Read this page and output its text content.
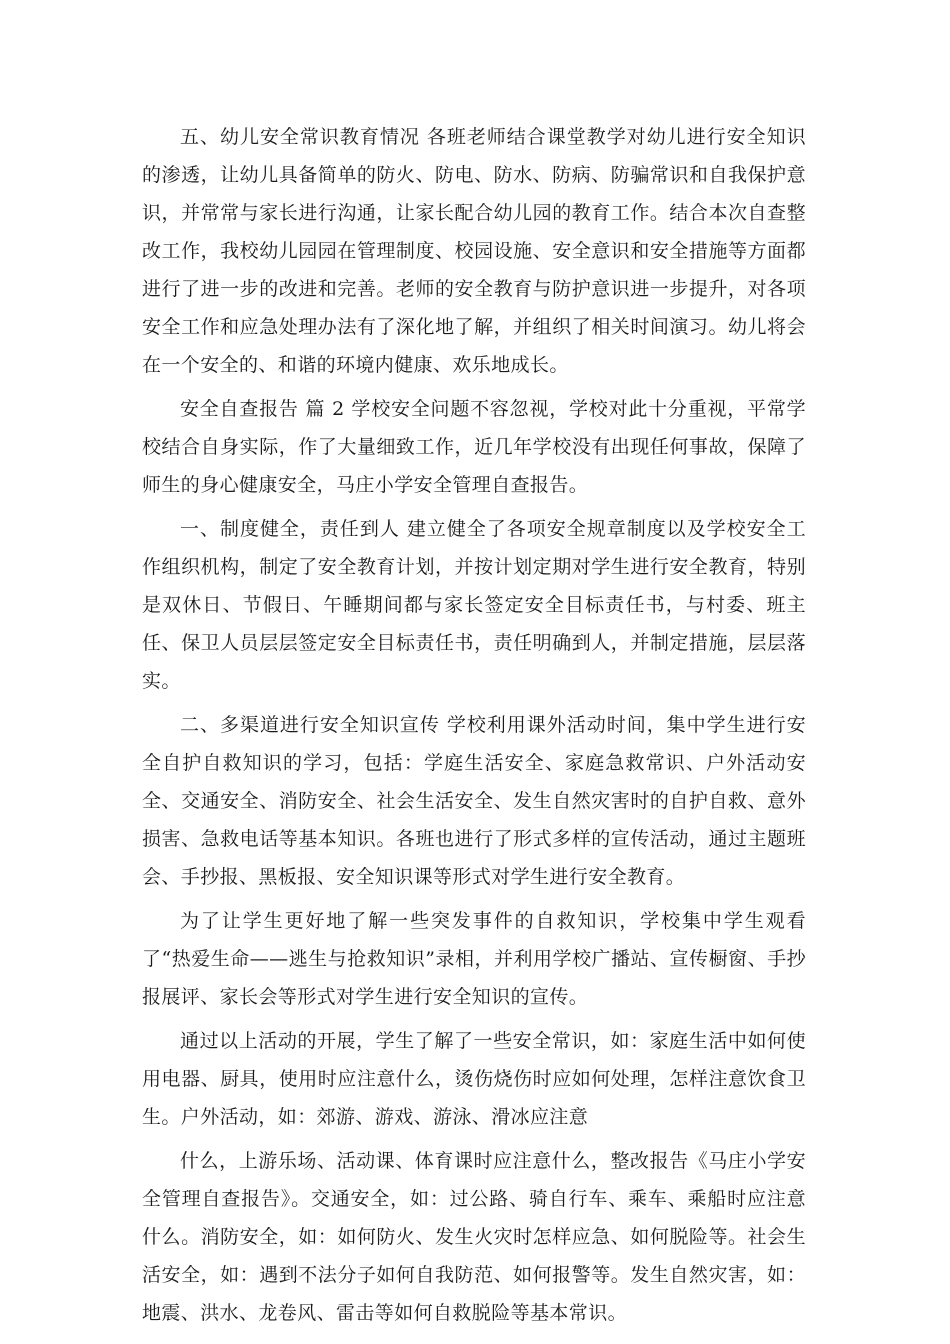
五、幼儿安全常识教育情况 各班老师结合课堂教学对幼儿进行安全知识的渗透，让幼儿具备简单的防火、防电、防水、防病、防骗常识和自我保护意识，并常常与家长进行沟通，让家长配合幼儿园的教育工作。结合本次自查整改工作，我校幼儿园园在管理制度、校园设施、安全意识和安全措施等方面都进行了进一步的改进和完善。老师的安全教育与防护意识进一步提升，对各项安全工作和应急处理办法有了深化地了解，并组织了相关时间演习。幼儿将会在一个安全的、和谐的环境内健康、欢乐地成长。

安全自查报告 篇 2 学校安全问题不容忽视，学校对此十分重视，平常学校结合自身实际，作了大量细致工作，近几年学校没有出现任何事故，保障了师生的身心健康安全，马庄小学安全管理自查报告。

一、制度健全，责任到人 建立健全了各项安全规章制度以及学校安全工作组织机构，制定了安全教育计划，并按计划定期对学生进行安全教育，特别是双休日、节假日、午睡期间都与家长签定安全目标责任书，与村委、班主任、保卫人员层层签定安全目标责任书，责任明确到人，并制定措施，层层落实。

二、多渠道进行安全知识宣传 学校利用课外活动时间，集中学生进行安全自护自救知识的学习，包括：学庭生活安全、家庭急救常识、户外活动安全、交通安全、消防安全、社会生活安全、发生自然灾害时的自护自救、意外损害、急救电话等基本知识。各班也进行了形式多样的宣传活动，通过主题班会、手抄报、黑板报、安全知识课等形式对学生进行安全教育。

为了让学生更好地了解一些突发事件的自救知识，学校集中学生观看了“热爱生命——逃生与抢救知识”录相，并利用学校广播站、宣传橱窗、手抄报展评、家长会等形式对学生进行安全知识的宣传。

通过以上活动的开展，学生了解了一些安全常识，如：家庭生活中如何使用电器、厨具，使用时应注意什么，烫伤烧伤时应如何处理，怎样注意饮食卫生。户外活动，如：郊游、游戏、游泳、滑冰应注意

什么，上游乐场、活动课、体育课时应注意什么，整改报告《马庄小学安全管理自查报告》。交通安全，如：过公路、骑自行车、乘车、乘船时应注意什么。消防安全，如：如何防火、发生火灾时怎样应急、如何脱险等。社会生活安全，如：遇到不法分子如何自我防范、如何报警等。发生自然灾害，如：地震、洪水、龙卷风、雷击等如何自救脱险等基本常识。
